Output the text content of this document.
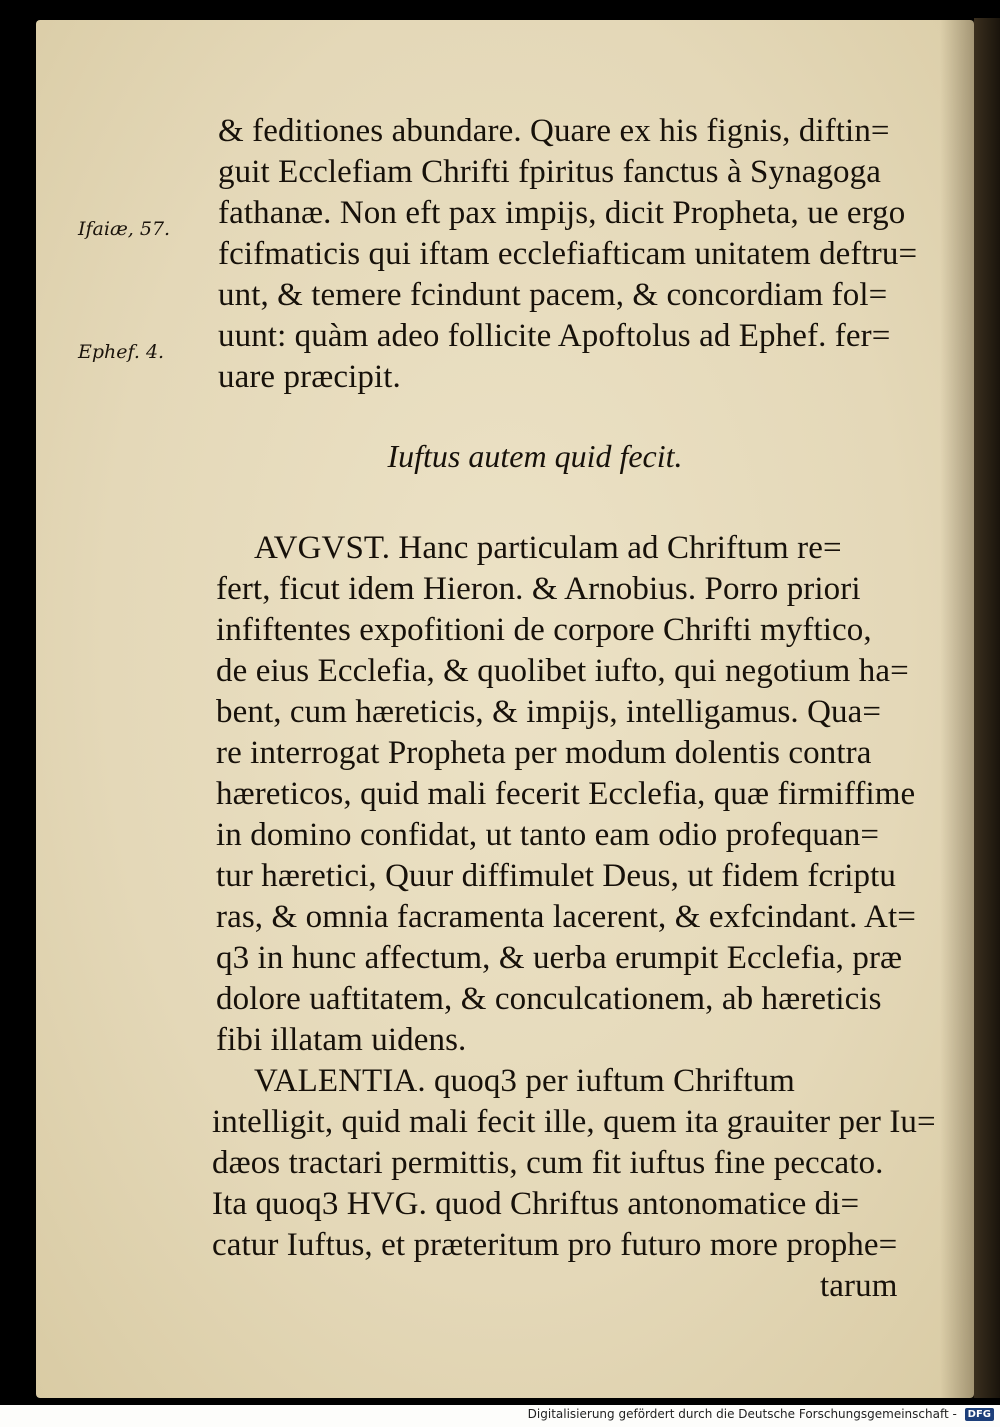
Ifaiæ, 57.
Ephef. 4.
& feditiones abundare. Quare ex his fignis, diftin=
guit Ecclefiam Chrifti fpiritus fanctus à Synagoga
fathanæ. Non eft pax impijs, dicit Propheta, ue ergo
fcifmaticis qui iftam ecclefiafticam unitatem deftru=
unt, & temere fcindunt pacem, & concordiam fol=
uunt: quàm adeo follicite Apoftolus ad Ephef. fer=
uare præcipit.
Iuftus autem quid fecit.
AVGVST. Hanc particulam ad Chriftum re=
fert, ficut idem Hieron. & Arnobius. Porro priori
infiftentes expofitioni de corpore Chrifti myftico,
de eius Ecclefia, & quolibet iufto, qui negotium ha=
bent, cum hæreticis, & impijs, intelligamus. Qua=
re interrogat Propheta per modum dolentis contra
hæreticos, quid mali fecerit Ecclefia, quæ firmiffime
in domino confidat, ut tanto eam odio profequan=
tur hæretici, Quur diffimulet Deus, ut fidem fcriptu
ras, & omnia facramenta lacerent, & exfcindant. At=
q3 in hunc affectum, & uerba erumpit Ecclefia, præ
dolore uaftitatem, & conculcationem, ab hæreticis
fibi illatam uidens.
VALENTIA. quoq3 per iuftum Chriftum
intelligit, quid mali fecit ille, quem ita grauiter per Iu=
dæos tractari permittis, cum fit iuftus fine peccato.
Ita quoq3 HVG. quod Chriftus antonomatice di=
catur Iuftus, et præteritum pro futuro more prophe=
tarum
Digitalisierung gefördert durch die Deutsche Forschungsgemeinschaft - DFG
